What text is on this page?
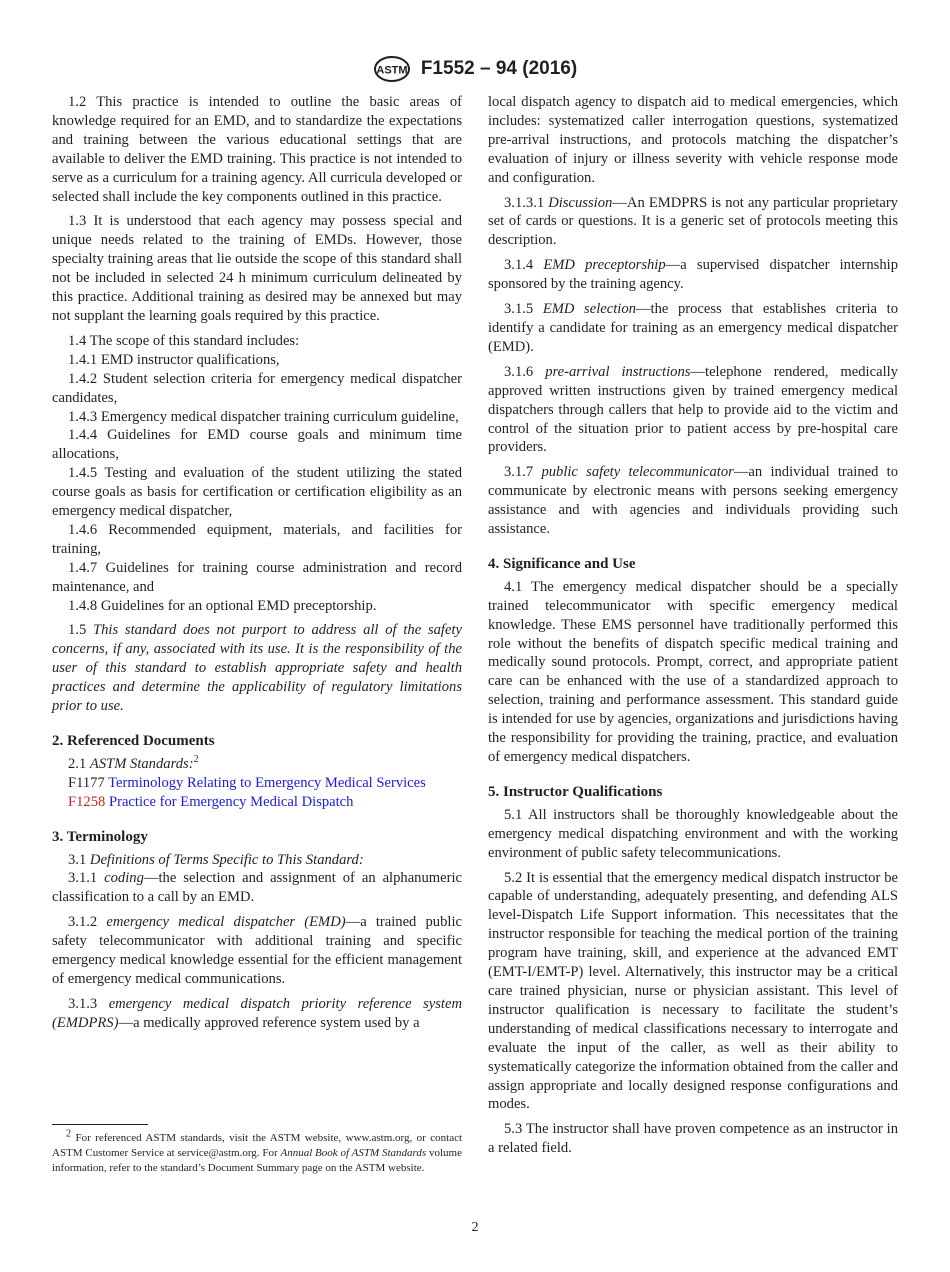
ASTM F1552 – 94 (2016)

1.2 This practice is intended to outline the basic areas of knowledge required for an EMD, and to standardize the expectations and training between the various educational settings that are available to deliver the EMD training. This practice is not intended to serve as a curriculum for a training agency. All curricula developed or selected shall include the key components outlined in this practice.

1.3 It is understood that each agency may possess special and unique needs related to the training of EMDs. However, those specialty training areas that lie outside the scope of this standard shall not be included in selected 24 h minimum curriculum delineated by this practice. Additional training as desired may be annexed but may not supplant the learning goals required by this practice.

1.4 The scope of this standard includes:

1.4.1 EMD instructor qualifications,

1.4.2 Student selection criteria for emergency medical dispatcher candidates,

1.4.3 Emergency medical dispatcher training curriculum guideline,

1.4.4 Guidelines for EMD course goals and minimum time allocations,

1.4.5 Testing and evaluation of the student utilizing the stated course goals as basis for certification or certification eligibility as an emergency medical dispatcher,

1.4.6 Recommended equipment, materials, and facilities for training,

1.4.7 Guidelines for training course administration and record maintenance, and

1.4.8 Guidelines for an optional EMD preceptorship.

1.5 This standard does not purport to address all of the safety concerns, if any, associated with its use. It is the responsibility of the user of this standard to establish appropriate safety and health practices and determine the applicability of regulatory limitations prior to use.

2. Referenced Documents

2.1 ASTM Standards:$^2$

F1177 Terminology Relating to Emergency Medical Services
F1258 Practice for Emergency Medical Dispatch
3. Terminology

3.1 Definitions of Terms Specific to This Standard:

3.1.1 coding—the selection and assignment of an alphanumeric classification to a call by an EMD.

3.1.2 emergency medical dispatcher (EMD)—a trained public safety telecommunicator with additional training and specific emergency medical knowledge essential for the efficient management of emergency medical communications.

3.1.3 emergency medical dispatch priority reference system (EMDPRS)—a medically approved reference system used by a

$^2$ For referenced ASTM standards, visit the ASTM website, www.astm.org, or contact ASTM Customer Service at service@astm.org. For Annual Book of ASTM Standards volume information, refer to the standard’s Document Summary page on the ASTM website.

local dispatch agency to dispatch aid to medical emergencies, which includes: systematized caller interrogation questions, systematized pre-arrival instructions, and protocols matching the dispatcher’s evaluation of injury or illness severity with vehicle response mode and configuration.

3.1.3.1 Discussion—An EMDPRS is not any particular proprietary set of cards or questions. It is a generic set of protocols meeting this description.

3.1.4 EMD preceptorship—a supervised dispatcher internship sponsored by the training agency.

3.1.5 EMD selection—the process that establishes criteria to identify a candidate for training as an emergency medical dispatcher (EMD).

3.1.6 pre-arrival instructions—telephone rendered, medically approved written instructions given by trained emergency medical dispatchers through callers that help to provide aid to the victim and control of the situation prior to patient access by pre-hospital care providers.

3.1.7 public safety telecommunicator—an individual trained to communicate by electronic means with persons seeking emergency assistance and with agencies and individuals providing such assistance.

4. Significance and Use

4.1 The emergency medical dispatcher should be a specially trained telecommunicator with specific emergency medical knowledge. These EMS personnel have traditionally performed this role without the benefits of dispatch specific medical training and medically sound protocols. Prompt, correct, and appropriate patient care can be enhanced with the use of a standardized approach to selection, training and performance assessment. This standard guide is intended for use by agencies, organizations and jurisdictions having the responsibility for providing the training, practice, and evaluation of emergency medical dispatchers.

5. Instructor Qualifications

5.1 All instructors shall be thoroughly knowledgeable about the emergency medical dispatching environment and with the working environment of public safety telecommunications.

5.2 It is essential that the emergency medical dispatch instructor be capable of understanding, adequately presenting, and defending ALS level-Dispatch Life Support information. This necessitates that the instructor responsible for teaching the medical portion of the training program have training, skill, and experience at the advanced EMT (EMT-I/EMT-P) level. Alternatively, this instructor may be a critical care trained physician, nurse or physician assistant. This level of instructor qualification is necessary to facilitate the student’s understanding of medical classifications necessary to interrogate and evaluate the input of the caller, as well as their ability to systematically categorize the information obtained from the caller and assign appropriate and locally designed response configurations and modes.

5.3 The instructor shall have proven competence as an instructor in a related field.

2
